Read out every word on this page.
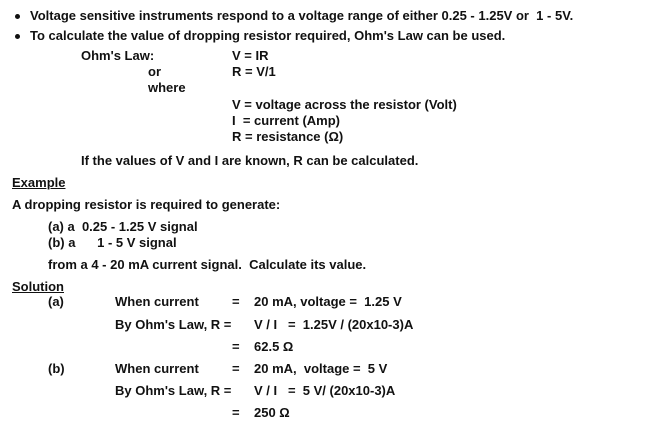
Voltage sensitive instruments respond to a voltage range of either 0.25 - 1.25V or  1 - 5V.
To calculate the value of dropping resistor required, Ohm's Law can be used.
Ohm's Law:
or
where
V = IR
R = V/1
V = voltage across the resistor (Volt)
I  = current (Amp)
R = resistance (Ω)
If the values of V and I are known, R can be calculated.
Example
A dropping resistor is required to generate:
(a) a  0.25 - 1.25 V signal
(b) a      1 - 5 V signal
from a 4 - 20 mA current signal.  Calculate its value.
Solution
(a)	When current	= 20 mA, voltage =  1.25 V
By Ohm's Law, R = V / I   =  1.25V / (20x10-3)A
= 62.5 Ω
(b)	When current	= 20 mA,  voltage =  5 V
By Ohm's Law, R = V / I   =  5 V/ (20x10-3)A
= 250 Ω
